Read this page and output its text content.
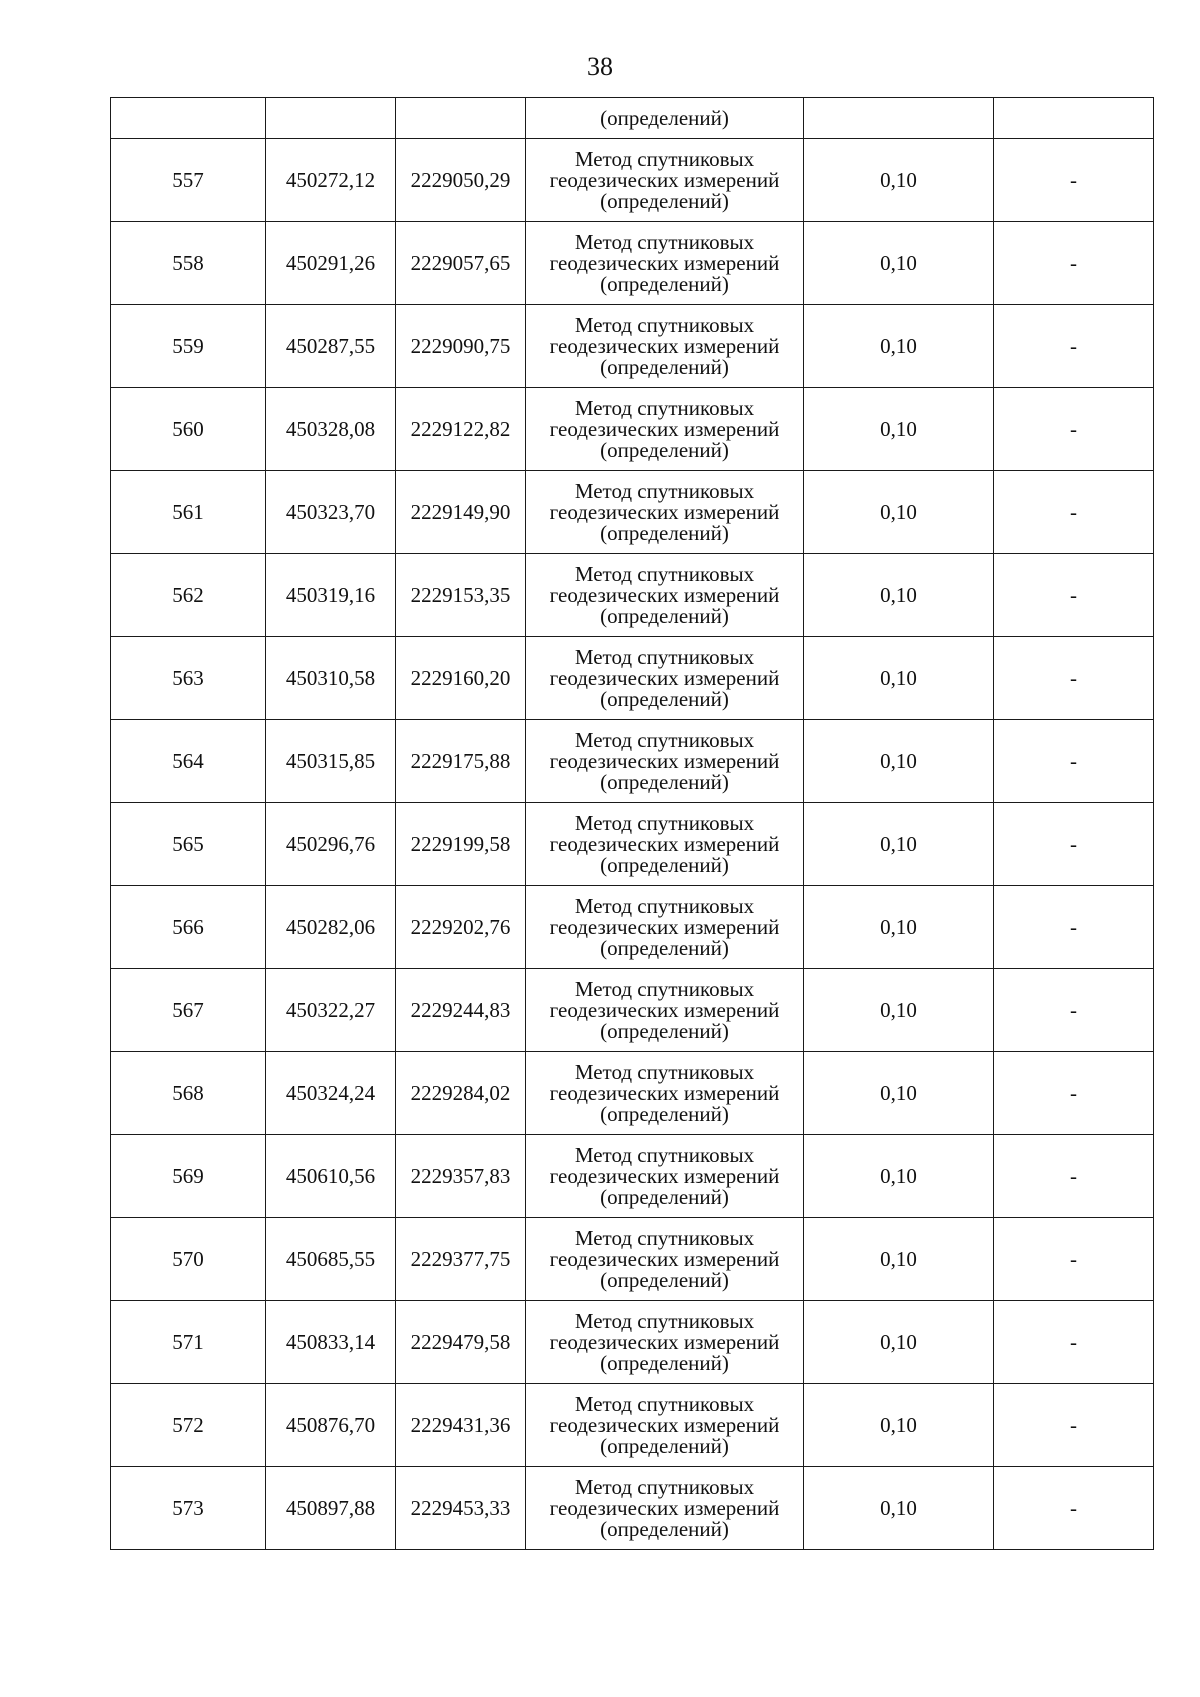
38
			(определений)		
557	450272,12	2229050,29	Метод спутниковых
геодезических измерений
(определений)	0,10	-
558	450291,26	2229057,65	Метод спутниковых
геодезических измерений
(определений)	0,10	-
559	450287,55	2229090,75	Метод спутниковых
геодезических измерений
(определений)	0,10	-
560	450328,08	2229122,82	Метод спутниковых
геодезических измерений
(определений)	0,10	-
561	450323,70	2229149,90	Метод спутниковых
геодезических измерений
(определений)	0,10	-
562	450319,16	2229153,35	Метод спутниковых
геодезических измерений
(определений)	0,10	-
563	450310,58	2229160,20	Метод спутниковых
геодезических измерений
(определений)	0,10	-
564	450315,85	2229175,88	Метод спутниковых
геодезических измерений
(определений)	0,10	-
565	450296,76	2229199,58	Метод спутниковых
геодезических измерений
(определений)	0,10	-
566	450282,06	2229202,76	Метод спутниковых
геодезических измерений
(определений)	0,10	-
567	450322,27	2229244,83	Метод спутниковых
геодезических измерений
(определений)	0,10	-
568	450324,24	2229284,02	Метод спутниковых
геодезических измерений
(определений)	0,10	-
569	450610,56	2229357,83	Метод спутниковых
геодезических измерений
(определений)	0,10	-
570	450685,55	2229377,75	Метод спутниковых
геодезических измерений
(определений)	0,10	-
571	450833,14	2229479,58	Метод спутниковых
геодезических измерений
(определений)	0,10	-
572	450876,70	2229431,36	Метод спутниковых
геодезических измерений
(определений)	0,10	-
573	450897,88	2229453,33	Метод спутниковых
геодезических измерений
(определений)	0,10	-
